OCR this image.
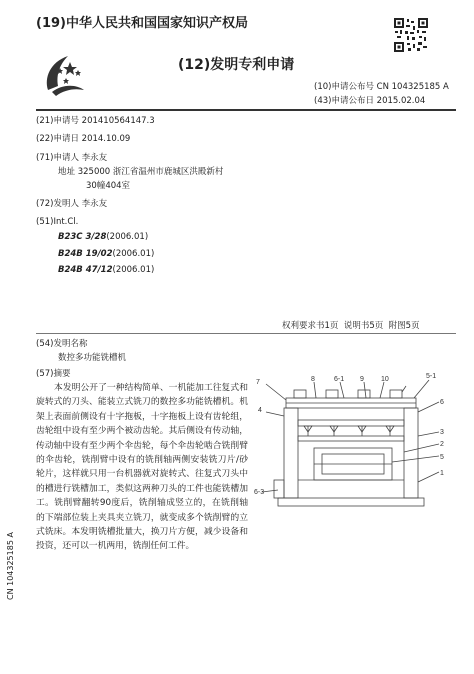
(19)中华人民共和国国家知识产权局
(12)发明专利申请
(10)申请公布号 CN 104325185 A
(43)申请公布日 2015.02.04
(21)申请号 201410564147.3
(22)申请日 2014.10.09
(71)申请人 李永友
地址 325000 浙江省温州市鹿城区洪殿新村
30幢404室
(72)发明人 李永友
(51)Int.Cl.
B23C 3/28(2006.01)
B24B 19/02(2006.01)
B24B 47/12(2006.01)
权利要求书1页 说明书5页 附图5页
(54)发明名称
数控多功能铣槽机
(57)摘要
本发明公开了一种结构简单、一机能加工往复式和旋转式的刀头、能装立式铣刀的数控多功能铣槽机。机架上表面前侧设有十字拖板，十字拖板上设有齿轮组，齿轮组中设有至少两个被动齿轮。其后侧设有传动轴，传动轴中设有至少两个伞齿轮，每个伞齿轮啮合铣削臂的伞齿轮，铣削臂中设有的铣削轴两侧安装铣刀片/砂轮片，这样就只用一台机器就对旋转式、往复式刀头中的槽进行铣槽加工，类似这两种刀头的工件也能铣槽加工。铣削臂翻转90度后，铣削轴成竖立的，在铣削轴的下端部位装上夹具夹立铣刀，就变成多个铣削臂的立式铣床。本发明铣槽批量大，换刀片方便，减少设备和投资，还可以一机两用，铣削任何工件。
7	8	6-1 9 10	5-1
4
6
3
2
1
6-3
5
CN 104325185 A
